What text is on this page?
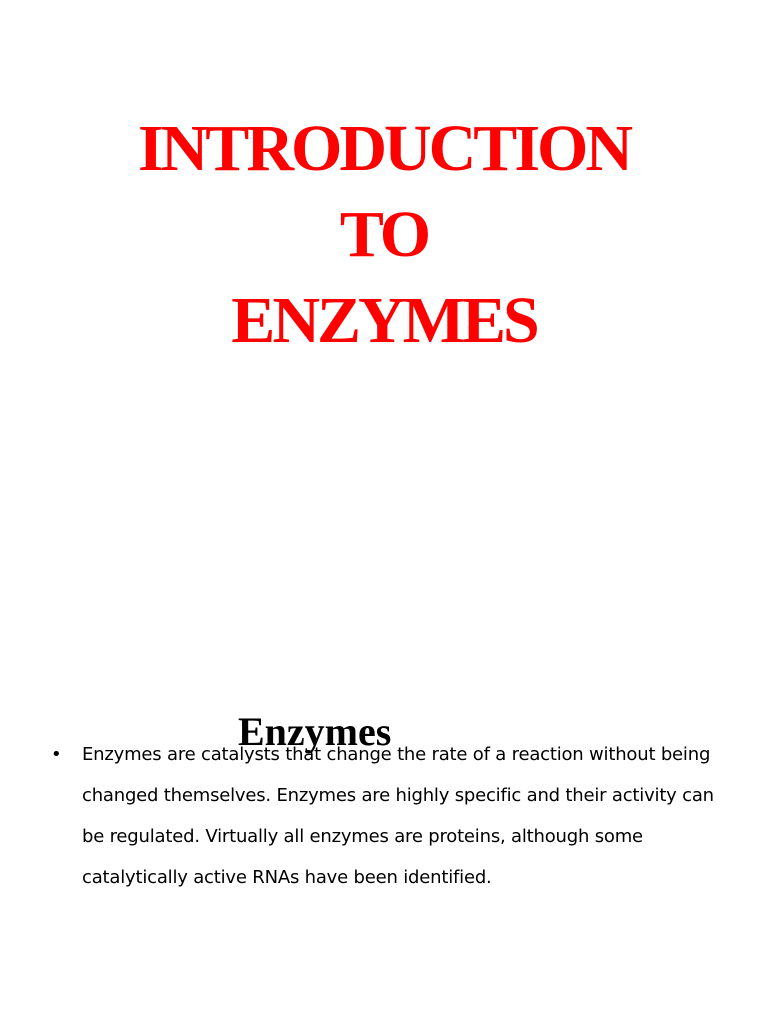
INTRODUCTION
TO
ENZYMES
Enzymes
• Enzymes are catalysts that change the rate of a reaction without being changed themselves. Enzymes are highly specific and their activity can be regulated. Virtually all enzymes are proteins, although some catalytically active RNAs have been identified.
